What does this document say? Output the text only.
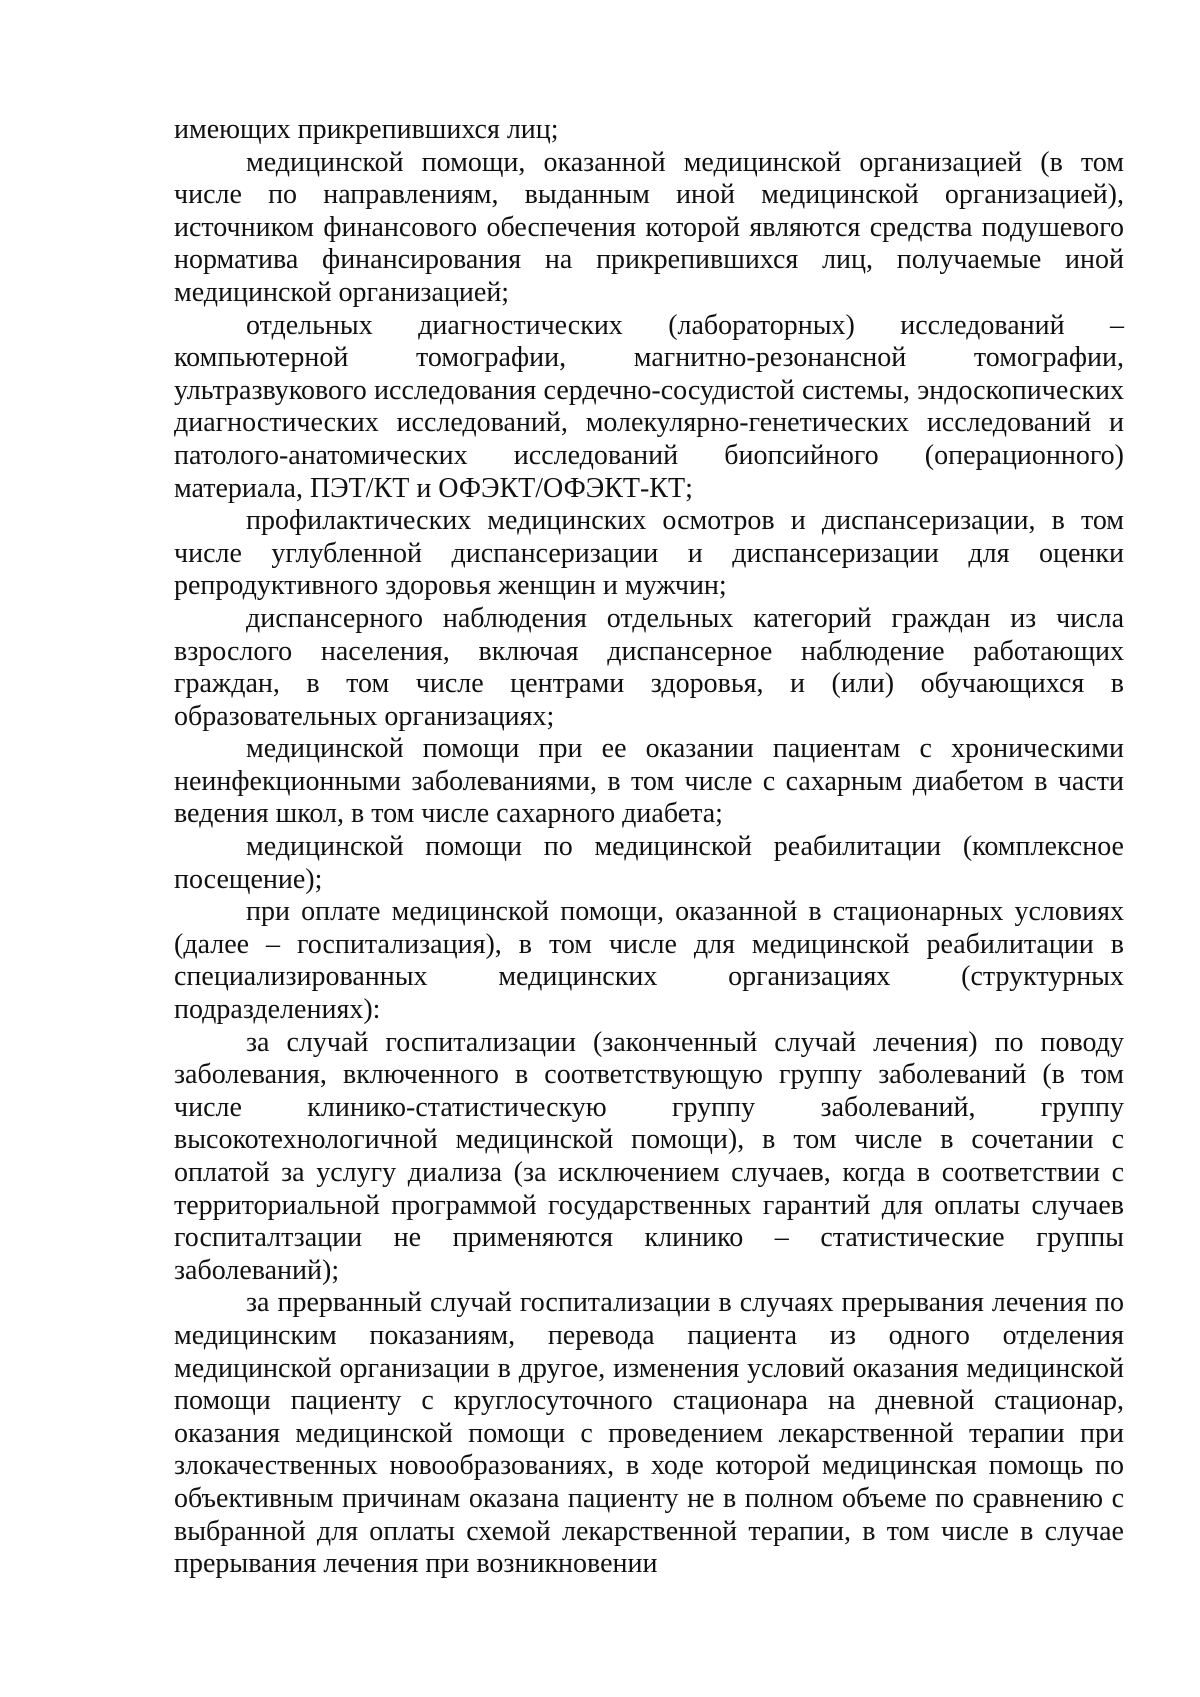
имеющих прикрепившихся лиц;

медицинской помощи, оказанной медицинской организацией (в том числе по направлениям, выданным иной медицинской организацией), источником финансового обеспечения которой являются средства подушевого норматива финансирования на прикрепившихся лиц, получаемые иной медицинской организацией;

отдельных диагностических (лабораторных) исследований – компьютерной томографии, магнитно-резонансной томографии, ультразвукового исследования сердечно-сосудистой системы, эндоскопических диагностических исследований, молекулярно-генетических исследований и патолого-анатомических исследований биопсийного (операционного) материала, ПЭТ/КТ и ОФЭКТ/ОФЭКТ-КТ;

профилактических медицинских осмотров и диспансеризации, в том числе углубленной диспансеризации и диспансеризации для оценки репродуктивного здоровья женщин и мужчин;

диспансерного наблюдения отдельных категорий граждан из числа взрослого населения, включая диспансерное наблюдение работающих граждан, в том числе центрами здоровья, и (или) обучающихся в образовательных организациях;

медицинской помощи при ее оказании пациентам с хроническими неинфекционными заболеваниями, в том числе с сахарным диабетом в части ведения школ, в том числе сахарного диабета;

медицинской помощи по медицинской реабилитации (комплексное посещение);

при оплате медицинской помощи, оказанной в стационарных условиях (далее – госпитализация), в том числе для медицинской реабилитации в специализированных медицинских организациях (структурных подразделениях):

за случай госпитализации (законченный случай лечения) по поводу заболевания, включенного в соответствующую группу заболеваний (в том числе клинико-статистическую группу заболеваний, группу высокотехнологичной медицинской помощи), в том числе в сочетании с оплатой за услугу диализа (за исключением случаев, когда в соответствии с территориальной программой государственных гарантий для оплаты случаев госпиталтзации не применяются клинико – статистические группы заболеваний);

за прерванный случай госпитализации в случаях прерывания лечения по медицинским показаниям, перевода пациента из одного отделения медицинской организации в другое, изменения условий оказания медицинской помощи пациенту с круглосуточного стационара на дневной стационар, оказания медицинской помощи с проведением лекарственной терапии при злокачественных новообразованиях, в ходе которой медицинская помощь по объективным причинам оказана пациенту не в полном объеме по сравнению с выбранной для оплаты схемой лекарственной терапии, в том числе в случае прерывания лечения при возникновении
